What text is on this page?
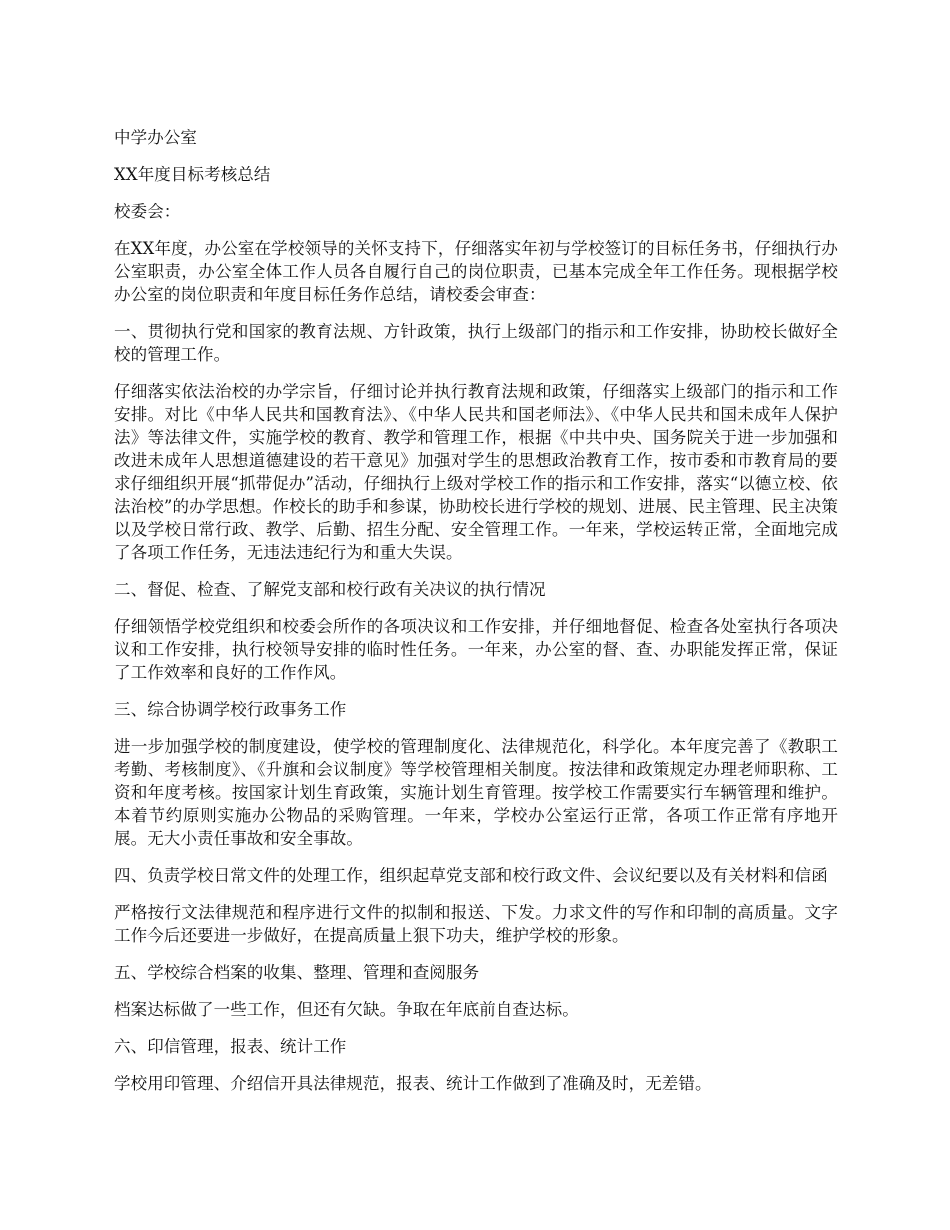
中学办公室

XX年度目标考核总结

校委会：

在XX年度，办公室在学校领导的关怀支持下，仔细落实年初与学校签订的目标任务书，仔细执行办公室职责，办公室全体工作人员各自履行自己的岗位职责，已基本完成全年工作任务。现根据学校办公室的岗位职责和年度目标任务作总结，请校委会审查：

一、贯彻执行党和国家的教育法规、方针政策，执行上级部门的指示和工作安排，协助校长做好全校的管理工作。

仔细落实依法治校的办学宗旨，仔细讨论并执行教育法规和政策，仔细落实上级部门的指示和工作安排。对比《中华人民共和国教育法》、《中华人民共和国老师法》、《中华人民共和国未成年人保护法》等法律文件，实施学校的教育、教学和管理工作，根据《中共中央、国务院关于进一步加强和改进未成年人思想道德建设的若干意见》加强对学生的思想政治教育工作，按市委和市教育局的要求仔细组织开展“抓带促办”活动，仔细执行上级对学校工作的指示和工作安排，落实“以德立校、依法治校”的办学思想。作校长的助手和参谋，协助校长进行学校的规划、进展、民主管理、民主决策以及学校日常行政、教学、后勤、招生分配、安全管理工作。一年来，学校运转正常，全面地完成了各项工作任务，无违法违纪行为和重大失误。

二、督促、检查、了解党支部和校行政有关决议的执行情况

仔细领悟学校党组织和校委会所作的各项决议和工作安排，并仔细地督促、检查各处室执行各项决议和工作安排，执行校领导安排的临时性任务。一年来，办公室的督、查、办职能发挥正常，保证了工作效率和良好的工作作风。

三、综合协调学校行政事务工作

进一步加强学校的制度建设，使学校的管理制度化、法律规范化，科学化。本年度完善了《教职工考勤、考核制度》、《升旗和会议制度》等学校管理相关制度。按法律和政策规定办理老师职称、工资和年度考核。按国家计划生育政策，实施计划生育管理。按学校工作需要实行车辆管理和维护。本着节约原则实施办公物品的采购管理。一年来，学校办公室运行正常，各项工作正常有序地开展。无大小责任事故和安全事故。

四、负责学校日常文件的处理工作，组织起草党支部和校行政文件、会议纪要以及有关材料和信函

严格按行文法律规范和程序进行文件的拟制和报送、下发。力求文件的写作和印制的高质量。文字工作今后还要进一步做好，在提高质量上狠下功夫，维护学校的形象。

五、学校综合档案的收集、整理、管理和查阅服务

档案达标做了一些工作，但还有欠缺。争取在年底前自查达标。

六、印信管理，报表、统计工作

学校用印管理、介绍信开具法律规范，报表、统计工作做到了准确及时，无差错。
